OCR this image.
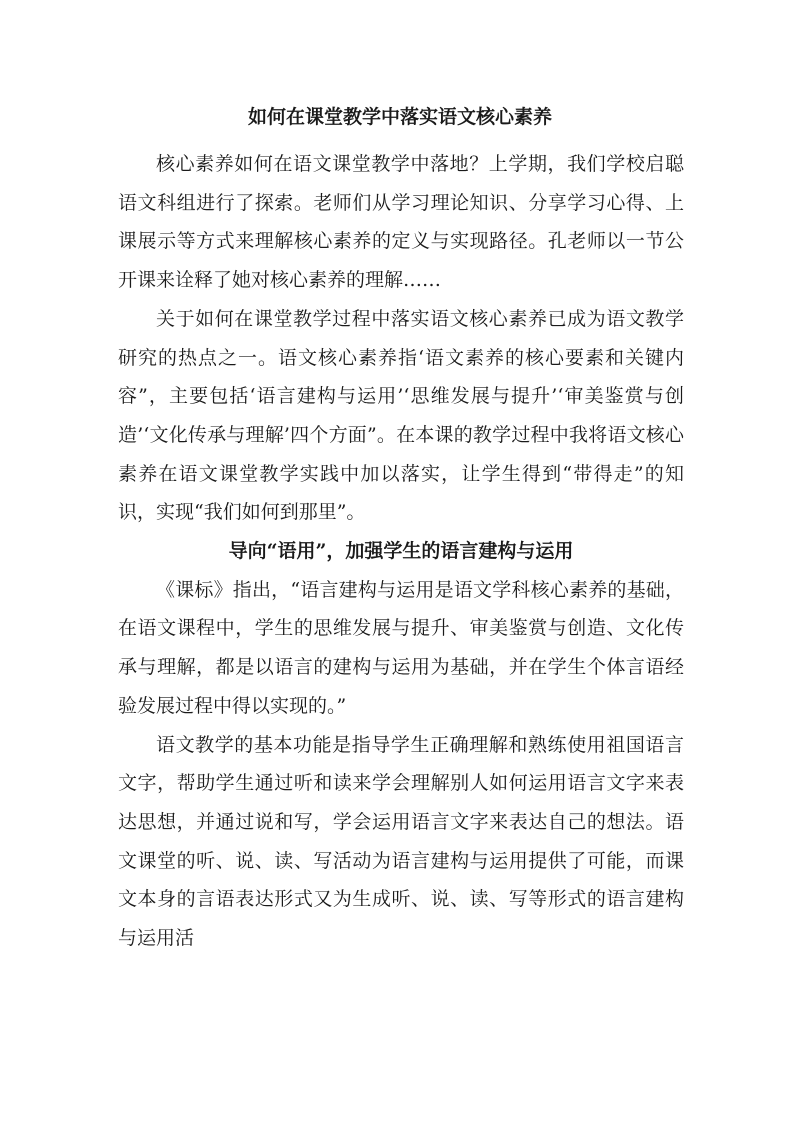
如何在课堂教学中落实语文核心素养

核心素养如何在语文课堂教学中落地？上学期，我们学校启聪语文科组进行了探索。老师们从学习理论知识、分享学习心得、上课展示等方式来理解核心素养的定义与实现路径。孔老师以一节公开课来诠释了她对核心素养的理解……

关于如何在课堂教学过程中落实语文核心素养已成为语文教学研究的热点之一。语文核心素养指‘语文素养的核心要素和关键内容”，主要包括‘语言建构与运用’‘思维发展与提升’‘审美鉴赏与创造’‘文化传承与理解’四个方面”。在本课的教学过程中我将语文核心素养在语文课堂教学实践中加以落实，让学生得到“带得走”的知识，实现“我们如何到那里”。

导向“语用”，加强学生的语言建构与运用

《课标》指出，“语言建构与运用是语文学科核心素养的基础，在语文课程中，学生的思维发展与提升、审美鉴赏与创造、文化传承与理解，都是以语言的建构与运用为基础，并在学生个体言语经验发展过程中得以实现的。”

语文教学的基本功能是指导学生正确理解和熟练使用祖国语言文字，帮助学生通过听和读来学会理解别人如何运用语言文字来表达思想，并通过说和写，学会运用语言文字来表达自己的想法。语文课堂的听、说、读、写活动为语言建构与运用提供了可能，而课文本身的言语表达形式又为生成听、说、读、写等形式的语言建构与运用活
